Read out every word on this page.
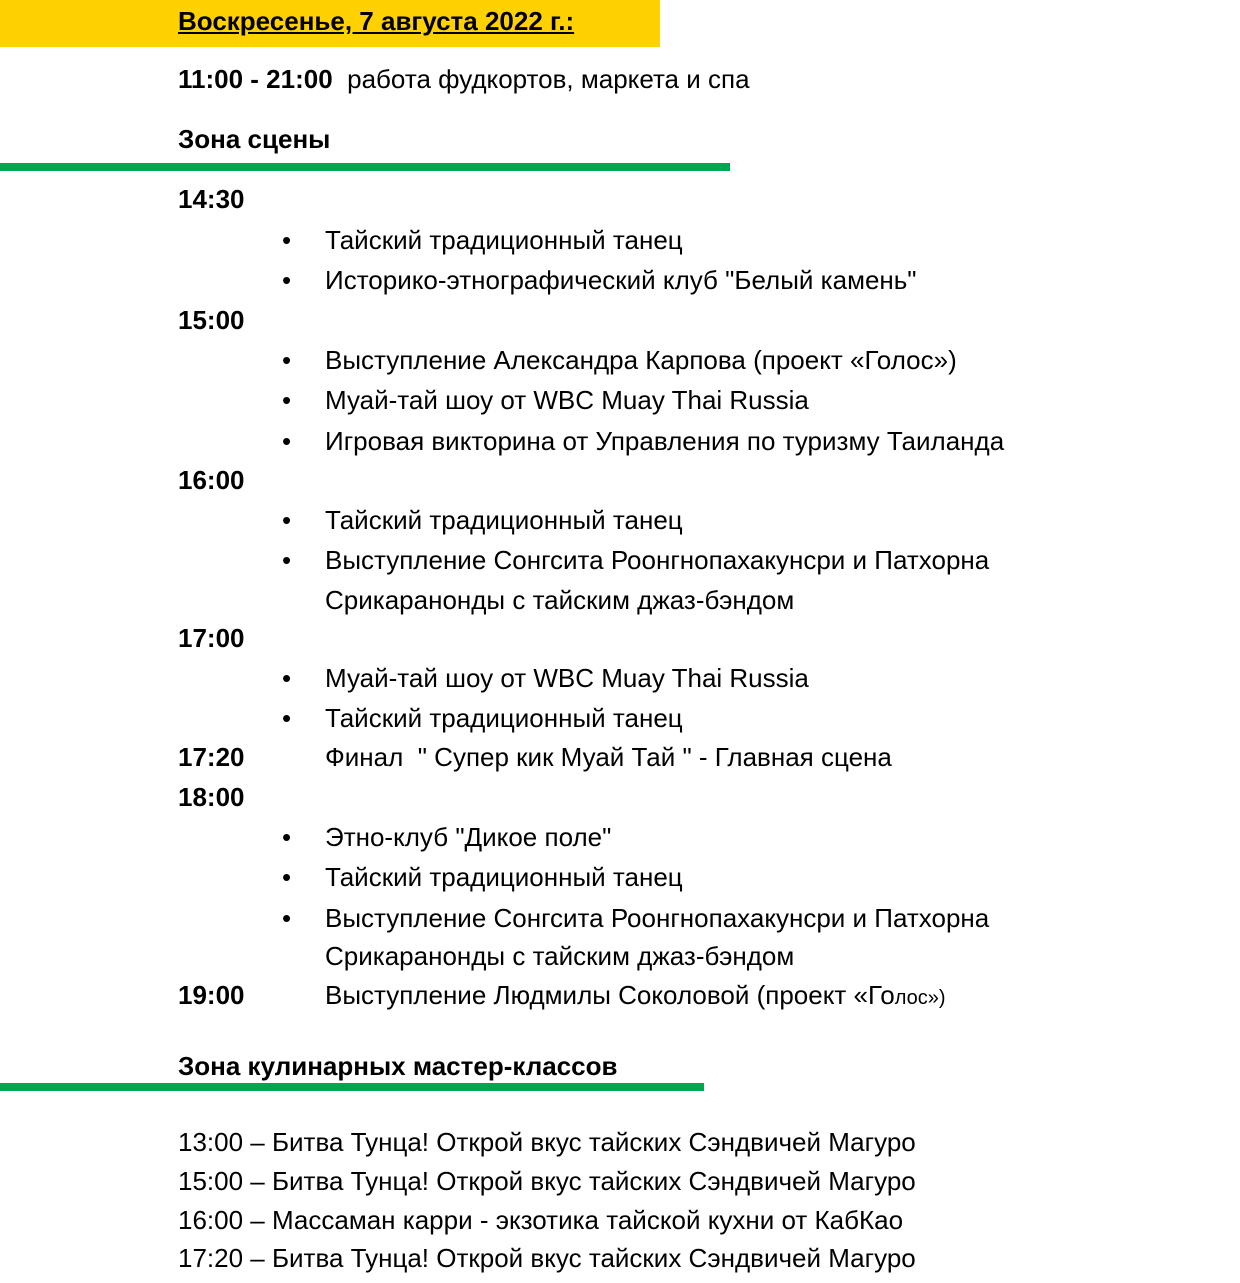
Воскресенье, 7 августа 2022 г.:
11:00 - 21:00 работа фудкортов, маркета и спа
Зона сцены
14:30
• Тайский традиционный танец
• Историко-этнографический клуб "Белый камень"
15:00
• Выступление Александра Карпова (проект «Голос»)
• Муай-тай шоу от WBC Muay Thai Russia
• Игровая викторина от Управления по туризму Таиланда
16:00
• Тайский традиционный танец
• Выступление Сонгсита Роонгнопахакунсри и Патхорна
Срикаранонды с тайским джаз-бэндом
17:00
• Муай-тай шоу от WBC Muay Thai Russia
• Тайский традиционный танец
17:20	Финал  " Супер кик Муай Тай " - Главная сцена
18:00
• Этно-клуб "Дикое поле"
• Тайский традиционный танец
• Выступление Сонгсита Роонгнопахакунсри и Патхорна
Срикаранонды с тайским джаз-бэндом
19:00	Выступление Людмилы Соколовой (проект «Голос»)
Зона кулинарных мастер-классов
13:00 – Битва Тунца! Открой вкус тайских Сэндвичей Магуро
15:00 – Битва Тунца! Открой вкус тайских Сэндвичей Магуро
16:00 – Массаман карри - экзотика тайской кухни от КабКао
17:20 – Битва Тунца! Открой вкус тайских Сэндвичей Магуро
